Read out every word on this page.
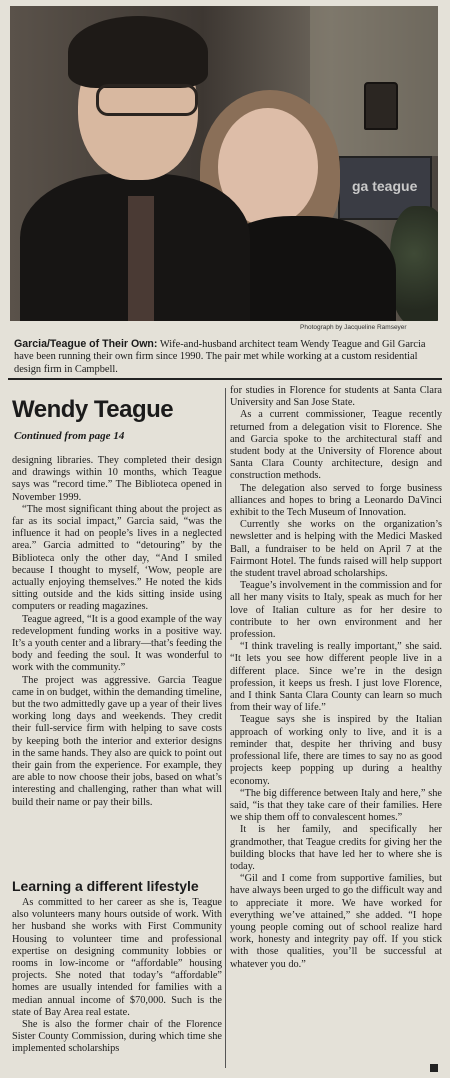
ga teague
Photograph by Jacqueline Ramseyer
Garcia/Teague of Their Own: Wife-and-husband architect team Wendy Teague and Gil Garcia have been running their own firm since 1990. The pair met while working at a custom residential design firm in Campbell.
Wendy Teague
Continued from page 14

designing libraries. They completed their design and drawings within 10 months, which Teague says was “record time.” The Biblioteca opened in November 1999.

“The most significant thing about the project as far as its social impact,” Garcia said, “was the influence it had on people’s lives in a neglected area.” Garcia admitted to “detouring” by the Biblioteca only the other day, “And I smiled because I thought to myself, ‘Wow, people are actually enjoying themselves.” He noted the kids sitting outside and the kids sitting inside using computers or reading magazines.

Teague agreed, “It is a good example of the way redevelopment funding works in a positive way. It’s a youth center and a library—that’s feeding the body and feeding the soul. It was wonderful to work with the community.”

The project was aggressive. Garcia Teague came in on budget, within the demanding timeline, but the two admittedly gave up a year of their lives working long days and weekends. They credit their full-service firm with helping to save costs by keeping both the interior and exterior designs in the same hands. They also are quick to point out their gain from the experience. For example, they are able to now choose their jobs, based on what’s interesting and challenging, rather than what will build their name or pay their bills.

Learning a different lifestyle

As committed to her career as she is, Teague also volunteers many hours outside of work. With her husband she works with First Community Housing to volunteer time and professional expertise on designing community lobbies or rooms in low-income or “affordable” housing projects. She noted that today’s “affordable” homes are usually intended for families with a median annual income of $70,000. Such is the state of Bay Area real estate.

She is also the former chair of the Florence Sister County Commission, during which time she implemented scholarships

for studies in Florence for students at Santa Clara University and San Jose State.

As a current commissioner, Teague recently returned from a delegation visit to Florence. She and Garcia spoke to the architectural staff and student body at the University of Florence about Santa Clara County architecture, design and construction methods.

The delegation also served to forge business alliances and hopes to bring a Leonardo DaVinci exhibit to the Tech Museum of Innovation.

Currently she works on the organization’s newsletter and is helping with the Medici Masked Ball, a fundraiser to be held on April 7 at the Fairmont Hotel. The funds raised will help support the student travel abroad scholarships.

Teague’s involvement in the commission and for all her many visits to Italy, speak as much for her love of Italian culture as for her desire to contribute to her own environment and her profession.

“I think traveling is really important,” she said. “It lets you see how different people live in a different place. Since we’re in the design profession, it keeps us fresh. I just love Florence, and I think Santa Clara County can learn so much from their way of life.”

Teague says she is inspired by the Italian approach of working only to live, and it is a reminder that, despite her thriving and busy professional life, there are times to say no as good projects keep popping up during a healthy economy.

“The big difference between Italy and here,” she said, “is that they take care of their families. Here we ship them off to convalescent homes.”

It is her family, and specifically her grandmother, that Teague credits for giving her the building blocks that have led her to where she is today.

“Gil and I come from supportive families, but have always been urged to go the difficult way and to appreciate it more. We have worked for everything we’ve attained,” she added. “I hope young people coming out of school realize hard work, honesty and integrity pay off. If you stick with those qualities, you’ll be successful at whatever you do.”
